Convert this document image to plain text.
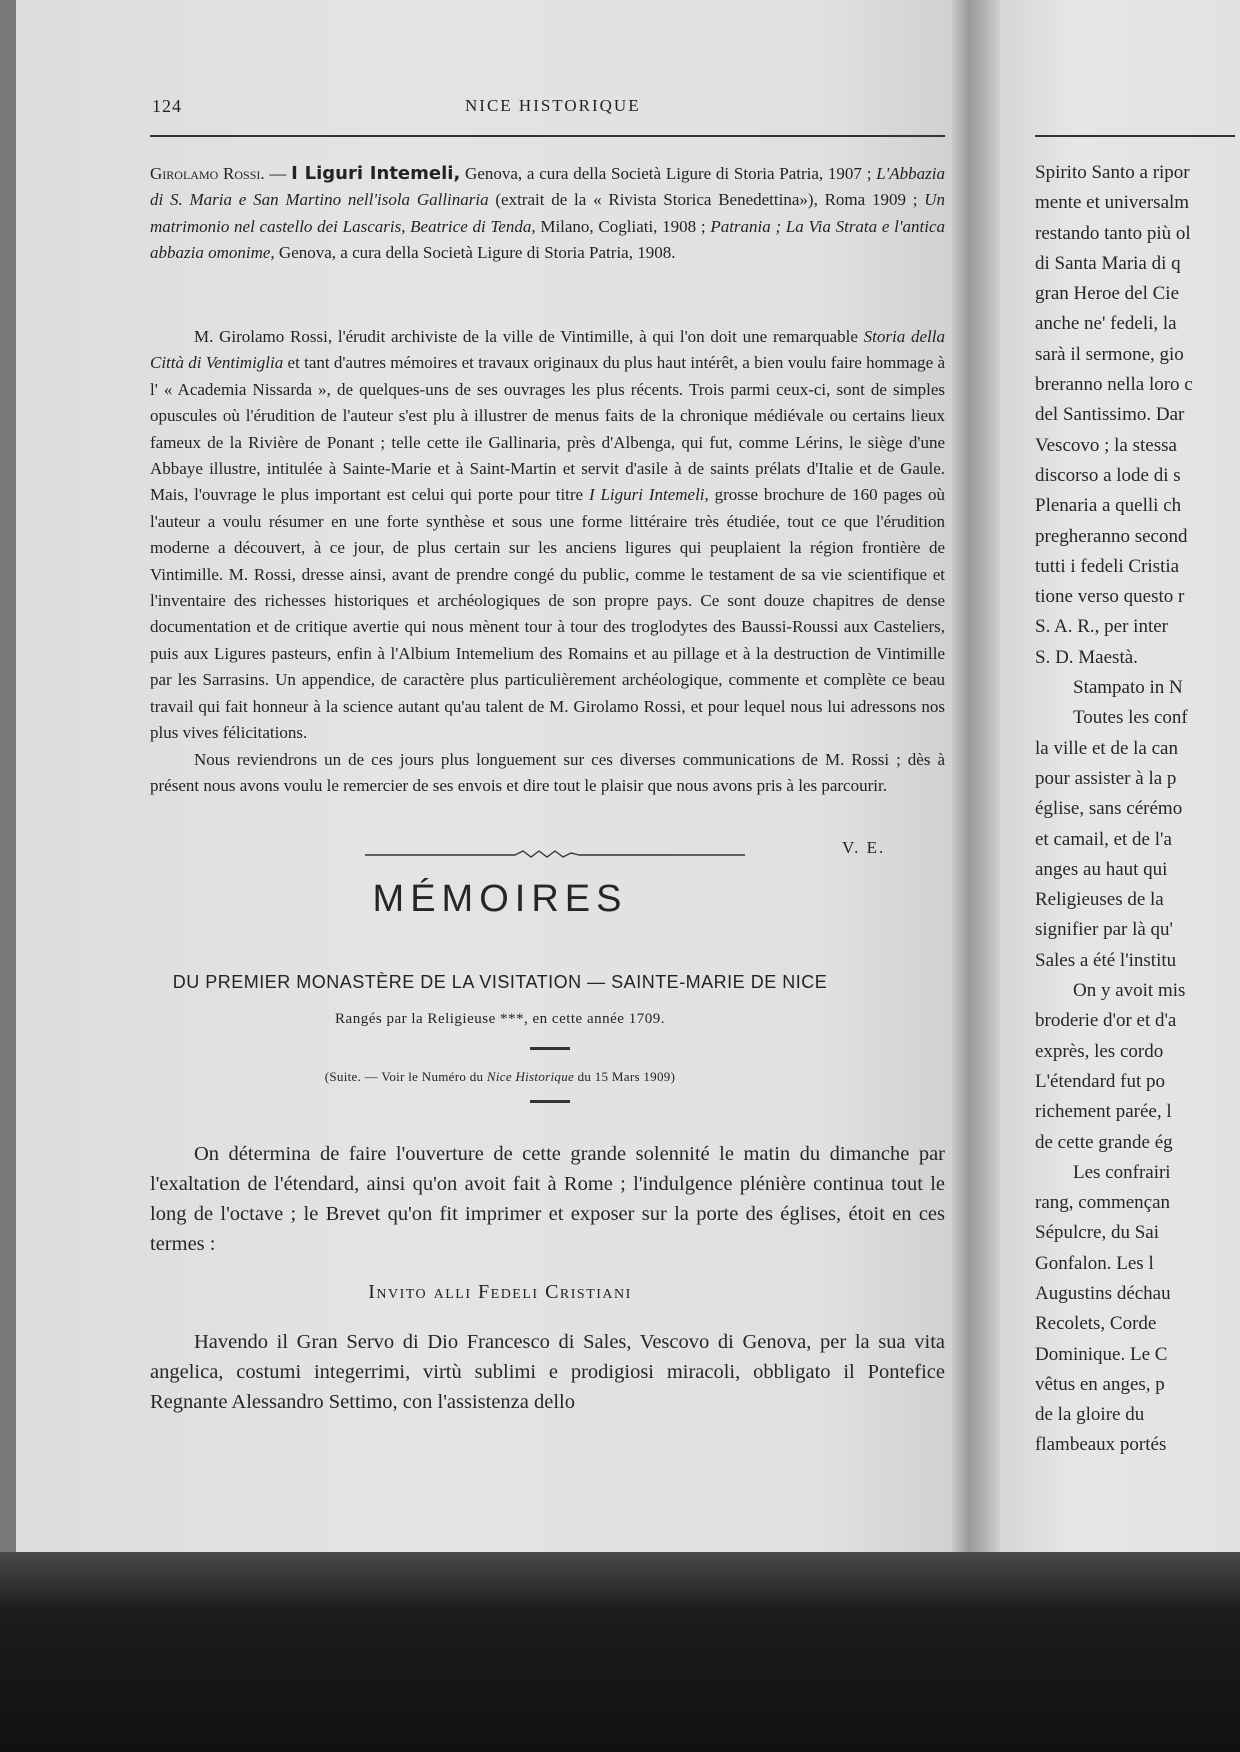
124	NICE HISTORIQUE
Girolamo Rossi. — I Liguri Intemeli, Genova, a cura della Società Ligure di Storia Patria, 1907 ; L'Abbazia di S. Maria e San Martino nell'isola Gallinaria (extrait de la « Rivista Storica Benedettina»), Roma 1909 ; Un matrimonio nel castello dei Lascaris, Beatrice di Tenda, Milano, Cogliati, 1908 ; Patrania ; La Via Strata e l'antica abbazia omonime, Genova, a cura della Società Ligure di Storia Patria, 1908.

M. Girolamo Rossi, l'érudit archiviste de la ville de Vintimille, à qui l'on doit une remarquable Storia della Città di Ventimiglia et tant d'autres mémoires et travaux originaux du plus haut intérêt, a bien voulu faire hommage à l' « Academia Nissarda », de quelques-uns de ses ouvrages les plus récents. Trois parmi ceux-ci, sont de simples opuscules où l'érudition de l'auteur s'est plu à illustrer de menus faits de la chronique médiévale ou certains lieux fameux de la Rivière de Ponant ; telle cette ile Gallinaria, près d'Albenga, qui fut, comme Lérins, le siège d'une Abbaye illustre, intitulée à Sainte-Marie et à Saint-Martin et servit d'asile à de saints prélats d'Italie et de Gaule. Mais, l'ouvrage le plus important est celui qui porte pour titre I Liguri Intemeli, grosse brochure de 160 pages où l'auteur a voulu résumer en une forte synthèse et sous une forme littéraire très étudiée, tout ce que l'érudition moderne a découvert, à ce jour, de plus certain sur les anciens ligures qui peuplaient la région frontière de Vintimille. M. Rossi, dresse ainsi, avant de prendre congé du public, comme le testament de sa vie scientifique et l'inventaire des richesses historiques et archéologiques de son propre pays. Ce sont douze chapitres de dense documentation et de critique avertie qui nous mènent tour à tour des troglodytes des Baussi-Roussi aux Casteliers, puis aux Ligures pasteurs, enfin à l'Albium Intemelium des Romains et au pillage et à la destruction de Vintimille par les Sarrasins. Un appendice, de caractère plus particulièrement archéologique, commente et complète ce beau travail qui fait honneur à la science autant qu'au talent de M. Girolamo Rossi, et pour lequel nous lui adressons nos plus vives félicitations.

Nous reviendrons un de ces jours plus longuement sur ces diverses communications de M. Rossi ; dès à présent nous avons voulu le remercier de ses envois et dire tout le plaisir que nous avons pris à les parcourir.

V. E.
MÉMOIRES
DU PREMIER MONASTÈRE DE LA VISITATION — SAINTE-MARIE DE NICE
Rangés par la Religieuse ***, en cette année 1709.
(Suite. — Voir le Numéro du Nice Historique du 15 Mars 1909)

On détermina de faire l'ouverture de cette grande solennité le matin du dimanche par l'exaltation de l'étendard, ainsi qu'on avoit fait à Rome ; l'indulgence plénière continua tout le long de l'octave ; le Brevet qu'on fit imprimer et exposer sur la porte des églises, étoit en ces termes :

Invito alli Fedeli Cristiani

Havendo il Gran Servo di Dio Francesco di Sales, Vescovo di Genova, per la sua vita angelica, costumi integerrimi, virtù sublimi e prodigiosi miracoli, obbligato il Pontefice Regnante Alessandro Settimo, con l'assistenza dello

Spirito Santo a ripor
mente et universalm
restando tanto più ol
di Santa Maria di q
gran Heroe del Cie
anche ne' fedeli, la
sarà il sermone, gio
breranno nella loro c
del Santissimo. Dar
Vescovo ; la stessa
discorso a lode di s
Plenaria a quelli ch
pregheranno second
tutti i fedeli Cristia
tione verso questo r
S. A. R., per inter
S. D. Maestà.
Stampato in N
Toutes les conf
la ville et de la can
pour assister à la p
église, sans cérémo
et camail, et de l'a
anges au haut qui
Religieuses de la
signifier par là qu'
Sales a été l'institu
On y avoit mis
broderie d'or et d'a
exprès, les cordo
L'étendard fut po
richement parée, l
de cette grande ég
Les confrairi
rang, commençan
Sépulcre, du Sai
Gonfalon. Les l
Augustins déchau
Recolets, Corde
Dominique. Le C
vêtus en anges, p
de la gloire du
flambeaux portés
